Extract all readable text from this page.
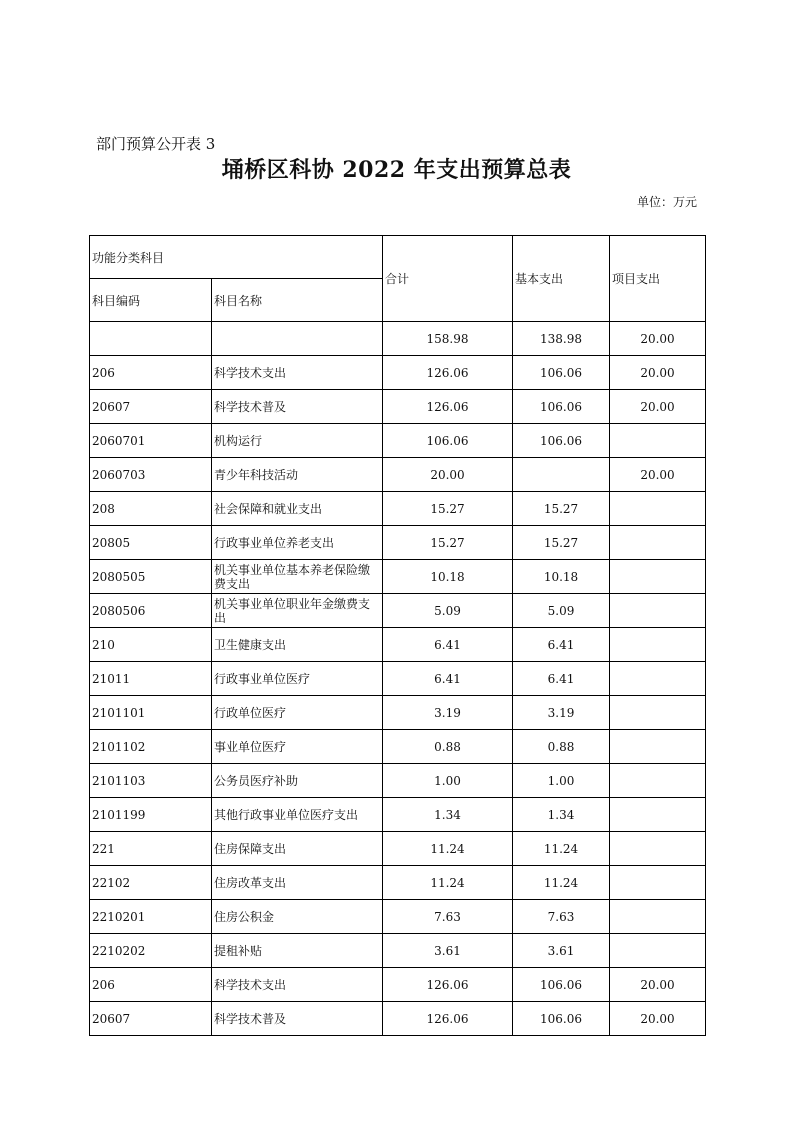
部门预算公开表 3
埇桥区科协 2022 年支出预算总表
单位：万元
功能分类科目		合计	基本支出	项目支出
科目编码	科目名称			
		158.98	138.98	20.00
206	科学技术支出	126.06	106.06	20.00
20607	科学技术普及	126.06	106.06	20.00
2060701	机构运行	106.06	106.06	
2060703	青少年科技活动	20.00		20.00
208	社会保障和就业支出	15.27	15.27	
20805	行政事业单位养老支出	15.27	15.27	
2080505	机关事业单位基本养老保险缴费支出	10.18	10.18	
2080506	机关事业单位职业年金缴费支出	5.09	5.09	
210	卫生健康支出	6.41	6.41	
21011	行政事业单位医疗	6.41	6.41	
2101101	行政单位医疗	3.19	3.19	
2101102	事业单位医疗	0.88	0.88	
2101103	公务员医疗补助	1.00	1.00	
2101199	其他行政事业单位医疗支出	1.34	1.34	
221	住房保障支出	11.24	11.24	
22102	住房改革支出	11.24	11.24	
2210201	住房公积金	7.63	7.63	
2210202	提租补贴	3.61	3.61	
206	科学技术支出	126.06	106.06	20.00
20607	科学技术普及	126.06	106.06	20.00
